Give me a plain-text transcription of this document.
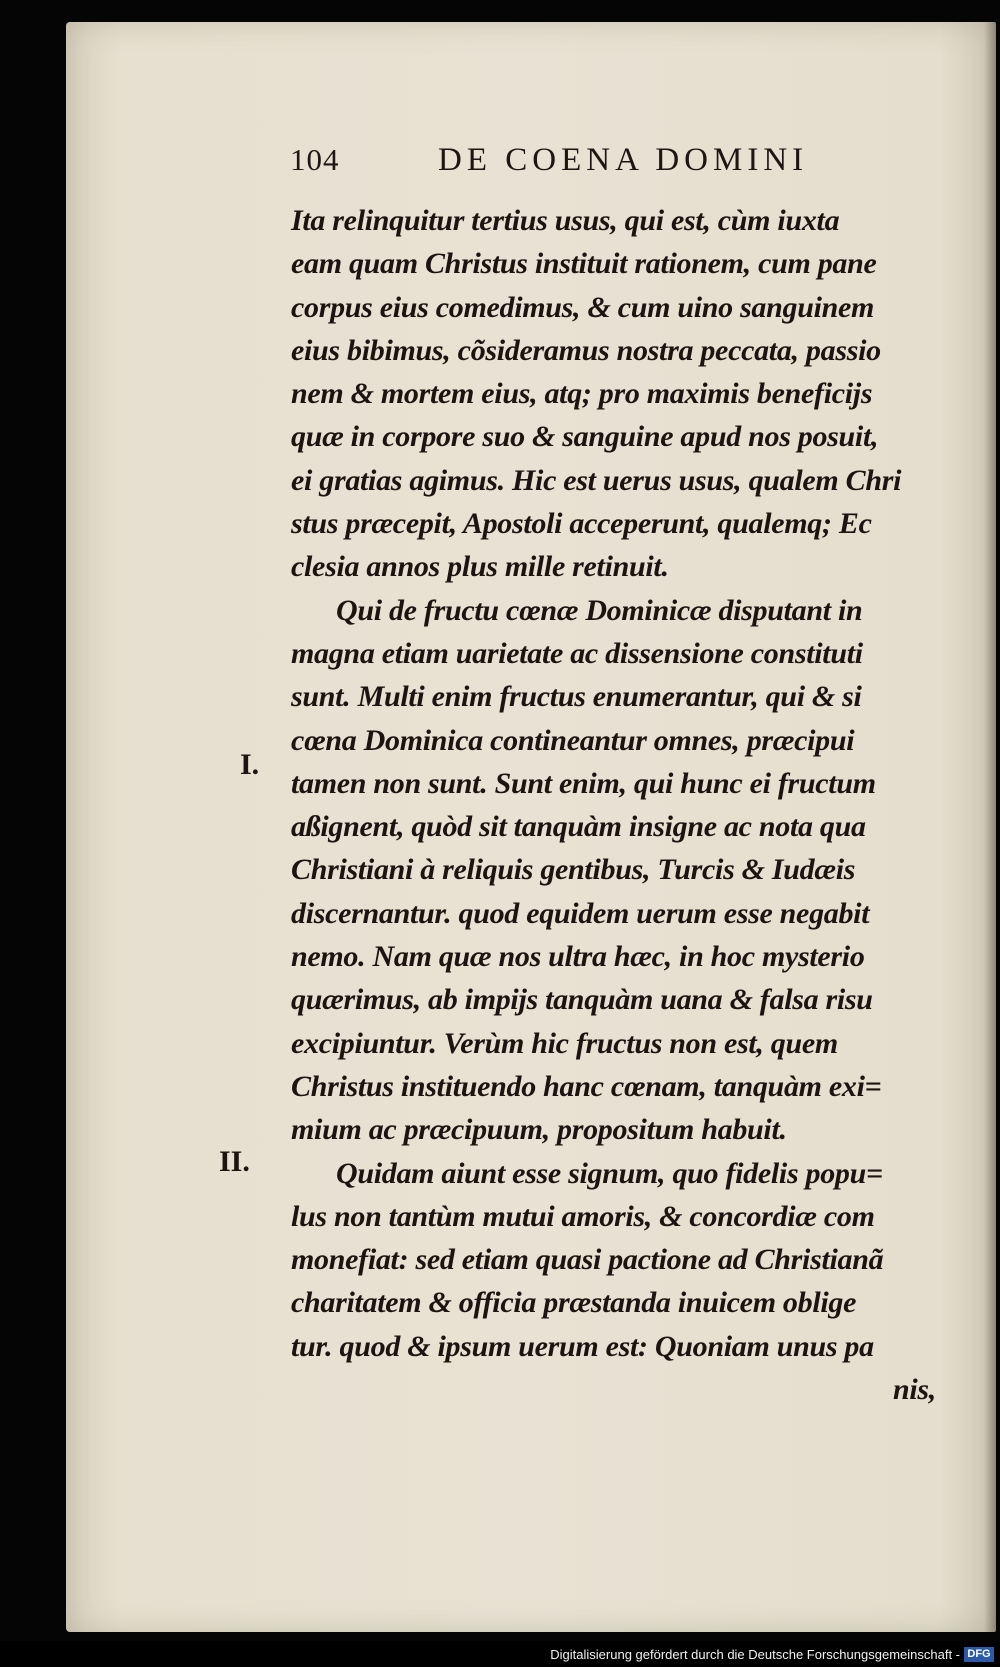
104	DE COENA DOMINI
Ita relinquitur tertius usus, qui est, cùm iuxta
eam quam Christus instituit rationem, cum pane
corpus eius comedimus, & cum uino sanguinem
eius bibimus, cõsideramus nostra peccata, passio
nem & mortem eius, atq; pro maximis beneficijs
quæ in corpore suo & sanguine apud nos posuit,
ei gratias agimus. Hic est uerus usus, qualem Chri
stus præcepit, Apostoli acceperunt, qualemq; Ec
clesia annos plus mille retinuit.
Qui de fructu cœnæ Dominicæ disputant in
magna etiam uarietate ac dissensione constituti
sunt. Multi enim fructus enumerantur, qui & si
cœna Dominica contineantur omnes, præcipui
tamen non sunt. Sunt enim, qui hunc ei fructum
aßignent, quòd sit tanquàm insigne ac nota qua
Christiani à reliquis gentibus, Turcis & Iudæis
discernantur. quod equidem uerum esse negabit
nemo. Nam quæ nos ultra hæc, in hoc mysterio
quærimus, ab impijs tanquàm uana & falsa risu
excipiuntur. Verùm hic fructus non est, quem
Christus instituendo hanc cœnam, tanquàm exi=
mium ac præcipuum, propositum habuit.
Quidam aiunt esse signum, quo fidelis popu=
lus non tantùm mutui amoris, & concordiæ com
monefiat: sed etiam quasi pactione ad Christianã
charitatem & officia præstanda inuicem oblige
tur. quod & ipsum uerum est: Quoniam unus pa
nis,
I.
II.
Digitalisierung gefördert durch die Deutsche Forschungsgemeinschaft - DFG
